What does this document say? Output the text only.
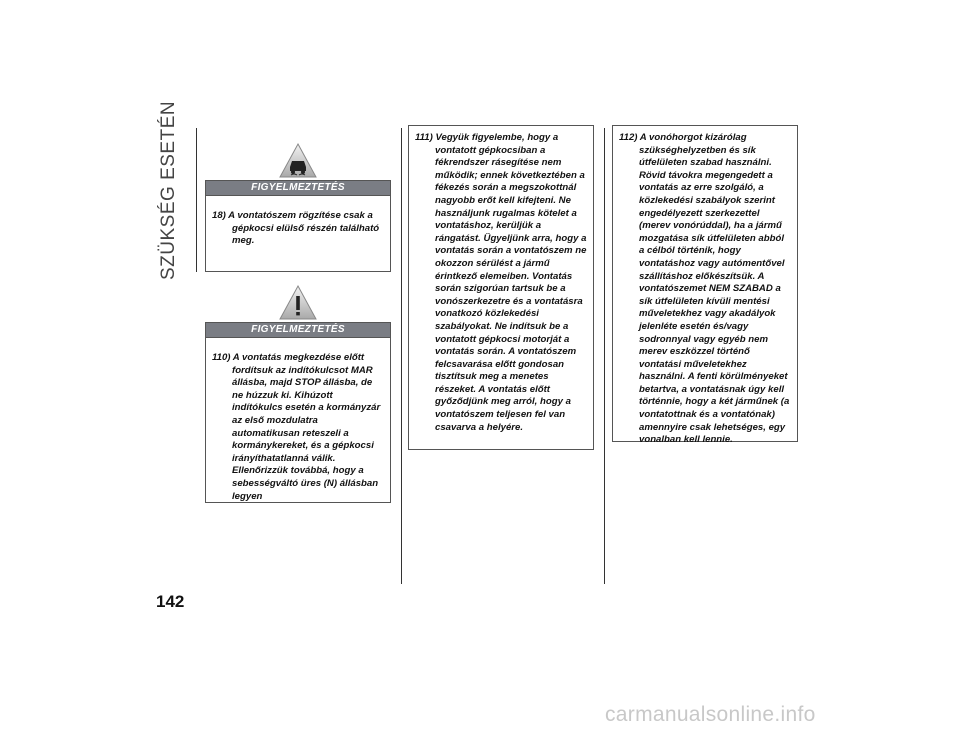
SZÜKSÉG ESETÉN	FIGYELMEZTETÉS

18) A vontatószem rögzítése csak a gépkocsi elülső részén található meg.

FIGYELMEZTETÉS

110) A vontatás megkezdése előtt fordítsuk az indítókulcsot MAR állásba, majd STOP állásba, de ne húzzuk ki. Kihúzott indítókulcs esetén a kormányzár az első mozdulatra automatikusan reteszeli a kormánykereket, és a gépkocsi irányíthatatlanná válik. Ellenőrizzük továbbá, hogy a sebességváltó üres (N) állásban legyen

111) Vegyük figyelembe, hogy a vontatott gépkocsiban a fékrendszer rásegítése nem működik; ennek következtében a fékezés során a megszokottnál nagyobb erőt kell kifejteni. Ne használjunk rugalmas kötelet a vontatáshoz, kerüljük a rángatást. Ügyeljünk arra, hogy a vontatás során a vontatószem ne okozzon sérülést a jármű érintkező elemeiben. Vontatás során szigorúan tartsuk be a vonószerkezetre és a vontatásra vonatkozó közlekedési szabályokat. Ne indítsuk be a vontatott gépkocsi motorját a vontatás során. A vontatószem felcsavarása előtt gondosan tisztítsuk meg a menetes részeket. A vontatás előtt győződjünk meg arról, hogy a vontatószem teljesen fel van csavarva a helyére.

112) A vonóhorgot kizárólag szükséghelyzetben és sík útfelületen szabad használni. Rövid távokra megengedett a vontatás az erre szolgáló, a közlekedési szabályok szerint engedélyezett szerkezettel (merev vonórúddal), ha a jármű mozgatása sík útfelületen abból a célból történik, hogy vontatáshoz vagy autómentővel szállításhoz előkészítsük. A vontatószemet NEM SZABAD a sík útfelületen kívüli mentési műveletekhez vagy akadályok jelenléte esetén és/vagy sodronnyal vagy egyéb nem merev eszközzel történő vontatási műveletekhez használni. A fenti körülményeket betartva, a vontatásnak úgy kell történnie, hogy a két járműnek (a vontatottnak és a vontatónak) amennyire csak lehetséges, egy vonalban kell lennie.

142
carmanualsonline.info
